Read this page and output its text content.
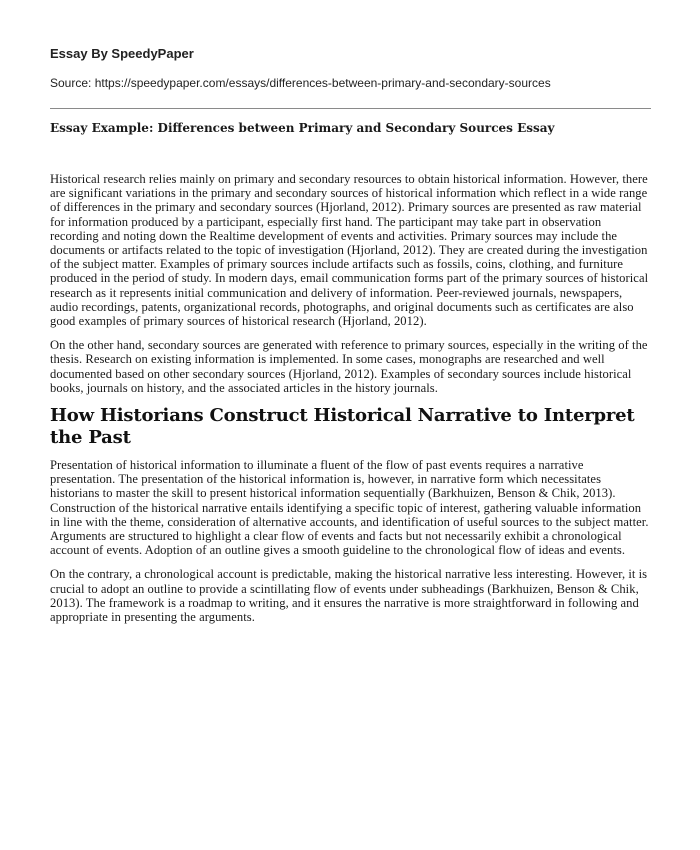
Essay By SpeedyPaper

Source: https://speedypaper.com/essays/differences-between-primary-and-secondary-sources

Essay Example: Differences between Primary and Secondary Sources Essay

Historical research relies mainly on primary and secondary resources to obtain historical information. However, there are significant variations in the primary and secondary sources of historical information which reflect in a wide range of differences in the primary and secondary sources (Hjorland, 2012). Primary sources are presented as raw material for information produced by a participant, especially first hand. The participant may take part in observation recording and noting down the Realtime development of events and activities. Primary sources may include the documents or artifacts related to the topic of investigation (Hjorland, 2012). They are created during the investigation of the subject matter. Examples of primary sources include artifacts such as fossils, coins, clothing, and furniture produced in the period of study. In modern days, email communication forms part of the primary sources of historical research as it represents initial communication and delivery of information. Peer-reviewed journals, newspapers, audio recordings, patents, organizational records, photographs, and original documents such as certificates are also good examples of primary sources of historical research (Hjorland, 2012).

On the other hand, secondary sources are generated with reference to primary sources, especially in the writing of the thesis. Research on existing information is implemented. In some cases, monographs are researched and well documented based on other secondary sources (Hjorland, 2012). Examples of secondary sources include historical books, journals on history, and the associated articles in the history journals.

How Historians Construct Historical Narrative to Interpret the Past

Presentation of historical information to illuminate a fluent of the flow of past events requires a narrative presentation. The presentation of the historical information is, however, in narrative form which necessitates historians to master the skill to present historical information sequentially (Barkhuizen, Benson & Chik, 2013). Construction of the historical narrative entails identifying a specific topic of interest, gathering valuable information in line with the theme, consideration of alternative accounts, and identification of useful sources to the subject matter. Arguments are structured to highlight a clear flow of events and facts but not necessarily exhibit a chronological account of events. Adoption of an outline gives a smooth guideline to the chronological flow of ideas and events.

On the contrary, a chronological account is predictable, making the historical narrative less interesting. However, it is crucial to adopt an outline to provide a scintillating flow of events under subheadings (Barkhuizen, Benson & Chik, 2013). The framework is a roadmap to writing, and it ensures the narrative is more straightforward in following and appropriate in presenting the arguments.
